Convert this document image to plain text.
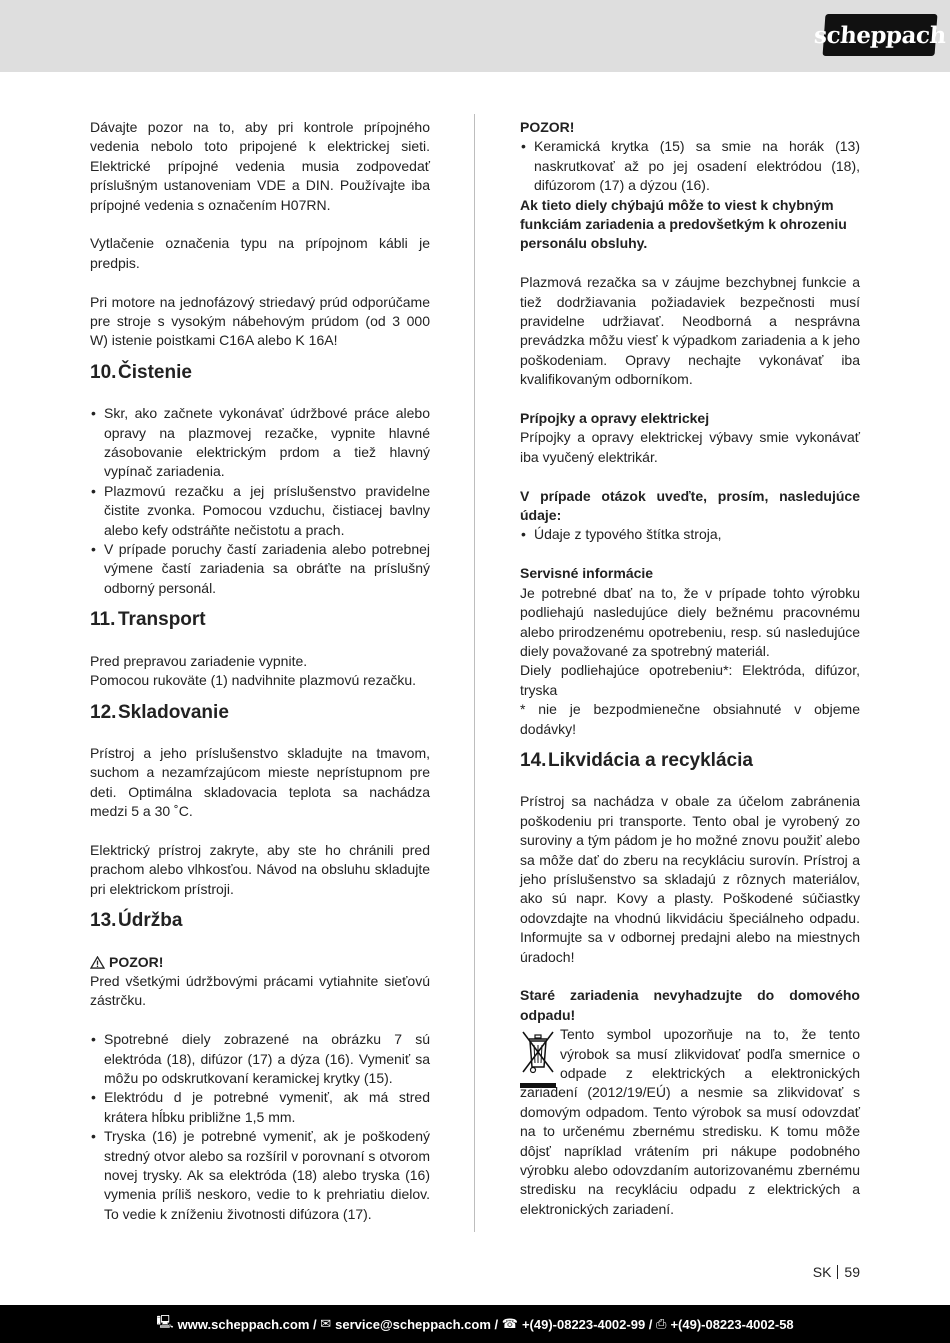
scheppach

Dávajte pozor na to, aby pri kontrole prípojného vedenia nebolo toto pripojené k elektrickej sieti. Elektrické prípojné vedenia musia zodpovedať príslušným ustanoveniam VDE a DIN. Používajte iba prípojné vedenia s označením H07RN.

Vytlačenie označenia typu na prípojnom kábli je predpis.

Pri motore na jednofázový striedavý prúd odporúčame pre stroje s vysokým nábehovým prúdom (od 3 000 W) istenie poistkami C16A alebo K 16A!

10. Čistenie
• Skr, ako začnete vykonávať údržbové práce alebo opravy na plazmovej rezačke, vypnite hlavné zásobovanie elektrickým prdom a tiež hlavný vypínač zariadenia.
• Plazmovú rezačku a jej príslušenstvo pravidelne čistite zvonka. Pomocou vzduchu, čistiacej bavlny alebo kefy odstráňte nečistotu a prach.
• V prípade poruchy častí zariadenia alebo potrebnej výmene častí zariadenia sa obráťte na príslušný odborný personál.
11. Transport

Pred prepravou zariadenie vypnite.

Pomocou rukoväte (1) nadvihnite plazmovú rezačku.

12. Skladovanie

Prístroj a jeho príslušenstvo skladujte na tmavom, suchom a nezamŕzajúcom mieste neprístupnom pre deti. Optimálna skladovacia teplota sa nachádza medzi 5 a 30 ˚C.

Elektrický prístroj zakryte, aby ste ho chránili pred prachom alebo vlhkosťou. Návod na obsluhu skladujte pri elektrickom prístroji.

13. Údržba
POZOR!

Pred všetkými údržbovými prácami vytiahnite sieťovú zástrčku.

• Spotrebné diely zobrazené na obrázku 7 sú elektróda (18), difúzor (17) a dýza (16). Vymeniť sa môžu po odskrutkovaní keramickej krytky (15).
• Elektródu d je potrebné vymeniť, ak má stred krátera hĺbku približne 1,5 mm.
• Tryska (16) je potrebné vymeniť, ak je poškodený stredný otvor alebo sa rozšíril v porovnaní s otvorom novej trysky. Ak sa elektróda (18) alebo tryska (16) vymenia príliš neskoro, vedie to k prehriatiu dielov. To vedie k zníženiu životnosti difúzora (17).

POZOR!

• Keramická krytka (15) sa smie na horák (13) naskrutkovať až po jej osadení elektródou (18), difúzorom (17) a dýzou (16).

Ak tieto diely chýbajú môže to viest k chybným funkciám zariadenia a predovšetkým k ohrozeniu personálu obsluhy.

Plazmová rezačka sa v záujme bezchybnej funkcie a tiež dodržiavania požiadaviek bezpečnosti musí pravidelne udržiavať. Neodborná a nesprávna prevádzka môžu viesť k výpadkom zariadenia a k jeho poškodeniam. Opravy nechajte vykonávať iba kvalifikovaným odborníkom.

Prípojky a opravy elektrickej

Prípojky a opravy elektrickej výbavy smie vykonávať iba vyučený elektrikár.

V prípade otázok uveďte, prosím, nasledujúce údaje:

• Údaje z typového štítka stroja,

Servisné informácie

Je potrebné dbať na to, že v prípade tohto výrobku podliehajú nasledujúce diely bežnému pracovnému alebo prirodzenému opotrebeniu, resp. sú nasledujúce diely považované za spotrebný materiál.

Diely podliehajúce opotrebeniu*: Elektróda, difúzor, tryska

* nie je bezpodmienečne obsiahnuté v objeme dodávky!

14. Likvidácia a recyklácia

Prístroj sa nachádza v obale za účelom zabránenia poškodeniu pri transporte. Tento obal je vyrobený zo suroviny a tým pádom je ho možné znovu použiť alebo sa môže dať do zberu na recykláciu surovín. Prístroj a jeho príslušenstvo sa skladajú z rôznych materiálov, ako sú napr. Kovy a plasty. Poškodené súčiastky odovzdajte na vhodnú likvidáciu špeciálneho odpadu. Informujte sa v odbornej predajni alebo na miestnych úradoch!

Staré zariadenia nevyhadzujte do domového odpadu!

Tento symbol upozorňuje na to, že tento výrobok sa musí zlikvidovať podľa smernice o odpade z elektrických a elektronických zariadení (2012/19/EÚ) a nesmie sa zlikvidovať s domovým odpadom. Tento výrobok sa musí odovzdať na to určenému zbernému stredisku. K tomu môže dôjsť napríklad vrátením pri nákupe podobného výrobku alebo odovzdaním autorizovanému zbernému stredisku na recykláciu odpadu z elektrických a elektronických zariadení.

SK 59
🖳 www.scheppach.com /
✉ service@scheppach.com /
☎ +(49)-08223-4002-99 /
⎙ +(49)-08223-4002-58
